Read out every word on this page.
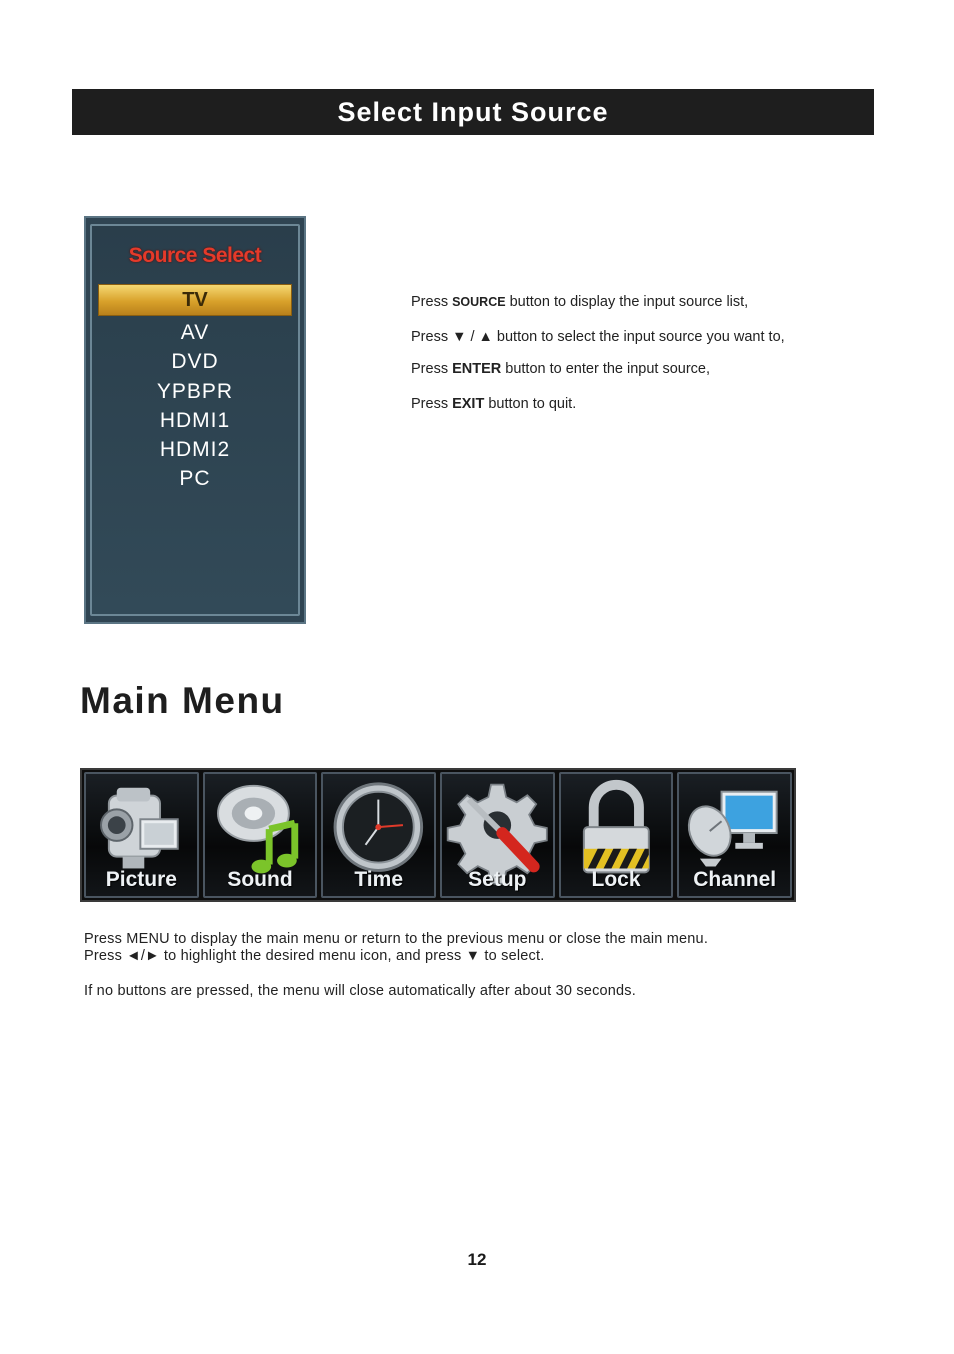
Select Input Source
Source Select
TV
AV
DVD
YPBPR
HDMI1
HDMI2
PC
Press SOURCE button to display the input source list,
Press ▼ / ▲ button to select the input source you want to,
Press ENTER button to enter the input source,
Press EXIT button to quit.
Main Menu
Picture	Sound	Time	Setup	Lock	Channel
Press MENU to display the main menu or return to the previous menu or close the main menu.
Press ◄/► to highlight the desired menu icon, and press ▼ to select.
If no buttons are pressed, the menu will close automatically after about 30 seconds.
12
